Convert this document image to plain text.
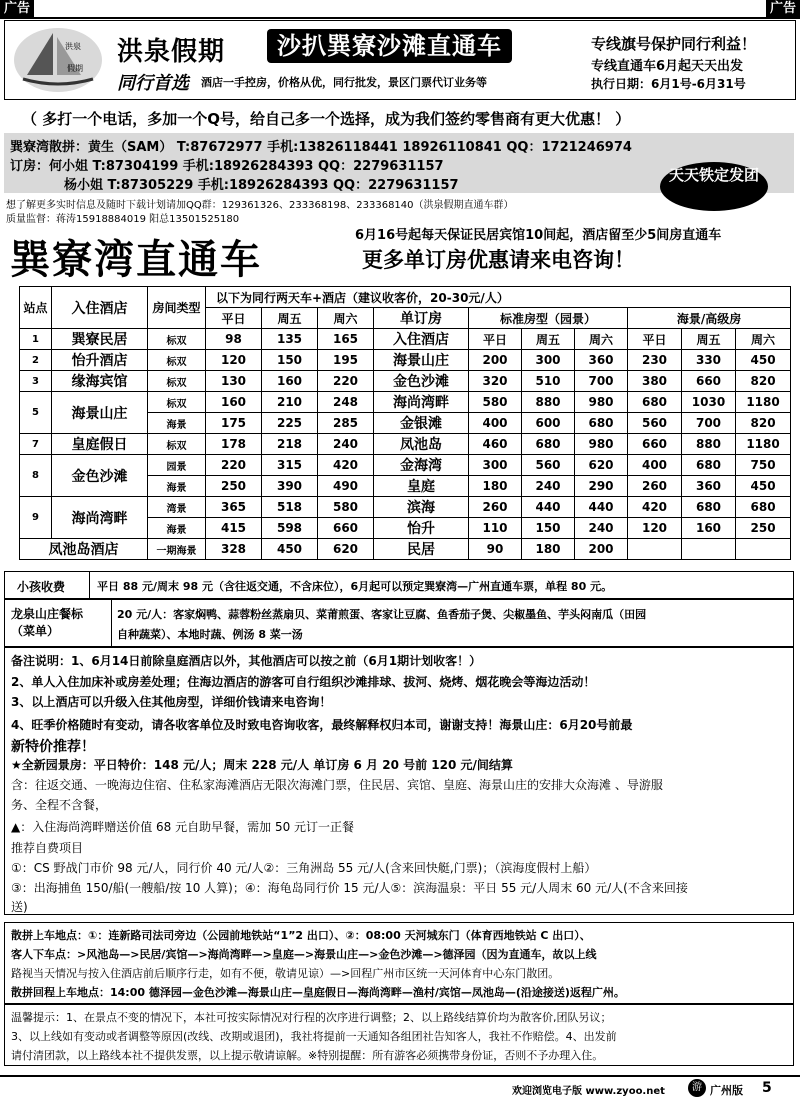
广告	广告
洪泉
假期
洪泉假期	沙扒巽寮沙滩直通车
同行首选 酒店一手控房，价格从优，同行批发，景区门票代订业务等
专线旗号保护同行利益！
专线直通车6月起天天出发
执行日期：6月1号-6月31号
（ 多打一个电话，多加一个Q号，给自己多一个选择，成为我们签约零售商有更大优惠！ ）
巽寮湾散拼：黄生（SAM） T:87672977 手机:13826118441 18926110841 QQ：1721246974
订房：何小姐 T:87304199 手机:18926284393 QQ：2279631157
杨小姐 T:87305229 手机:18926284393 QQ：2279631157
天天铁定发团
想了解更多实时信息及随时下载计划请加QQ群：129361326、233368198、233368140（洪泉假期直通车群）
质量监督：蒋涛15918884019 阳总13501525180
巽寮湾直通车
6月16号起每天保证民居宾馆10间起，酒店留至少5间房直通车
更多单订房优惠请来电咨询！
站点	入住酒店	房间类型	以下为同行两天车+酒店（建议收客价，20-30元/人）									
			平日	周五	周六	单订房	标准房型（园景）			海景/高级房		
1	巽寮民居	标双	98	135	165	入住酒店	平日	周五	周六	平日	周五	周六
2	怡升酒店	标双	120	150	195	海景山庄	200	300	360	230	330	450
3	缘海宾馆	标双	130	160	220	金色沙滩	320	510	700	380	660	820
5	海景山庄	标双	160	210	248	海尚湾畔	580	880	980	680	1030	1180
		海景	175	225	285	金银滩	400	600	680	560	700	820
7	皇庭假日	标双	178	218	240	凤池岛	460	680	980	660	880	1180
8	金色沙滩	园景	220	315	420	金海湾	300	560	620	400	680	750
		海景	250	390	490	皇庭	180	240	290	260	360	450
9	海尚湾畔	湾景	365	518	580	滨海	260	440	440	420	680	680
		海景	415	598	660	怡升	110	150	240	120	160	250
凤池岛酒店		一期海景	328	450	620	民居	90	180	200			
小孩收费	平日 88 元/周末 98 元（含往返交通，不含床位），6月起可以预定巽寮湾—广州直通车票，单程 80 元。
龙泉山庄餐标（菜单）
20 元/人：客家焖鸭、蒜蓉粉丝蒸扇贝、菜莆煎蛋、客家让豆腐、鱼香茄子煲、尖椒墨鱼、芋头闷南瓜（田园
自种蔬菜）、本地时蔬、例汤 8 菜一汤
备注说明：1、6月14日前除皇庭酒店以外，其他酒店可以按之前（6月1期计划收客！）
2、单人入住加床补或房差处理；住海边酒店的游客可自行组织沙滩排球、拔河、烧烤、烟花晚会等海边活动！
3、以上酒店可以升级入住其他房型，详细价钱请来电咨询！
4、旺季价格随时有变动，请各收客单位及时致电咨询收客，最终解释权归本司，谢谢支持！海景山庄：6月20号前最
新特价推荐！
★全新园景房：平日特价：148 元/人；周末 228 元/人 单订房 6 月 20 号前 120 元/间结算
含：往返交通、一晚海边住宿、住私家海滩酒店无限次海滩门票，住民居、宾馆、皇庭、海景山庄的安排大众海滩 、导游服
务、全程不含餐，
▲：入住海尚湾畔赠送价值 68 元自助早餐，需加 50 元订一正餐
推荐自费项目
①：CS 野战门市价 98 元/人，同行价 40 元/人②：三角洲岛 55 元/人(含来回快艇,门票)；（滨海度假村上船）
③：出海捕鱼 150/船(一艘船/按 10 人算)；④：海龟岛同行价 15 元/人⑤：滨海温泉：平日 55 元/人周末 60 元/人(不含来回接
送)
散拼上车地点：①：连新路司法司旁边（公园前地铁站“1”2 出口）、②：08:00 天河城东门（体育西地铁站 C 出口）、
客人下车点：>风池岛—>民居/宾馆—>海尚湾畔—>皇庭—>海景山庄—>金色沙滩—>德泽园（因为直通车，故以上线
路视当天情况与按入住酒店前后顺序行走，如有不便，敬请见谅）—>回程广州市区统一天河体育中心东门散团。
散拼回程上车地点：14:00 德泽园—金色沙滩—海景山庄—皇庭假日—海尚湾畔—渔村/宾馆—凤池岛—(沿途接送)返程广州。
温馨提示：1、在景点不变的情况下，本社可按实际情况对行程的次序进行调整；2、以上路线结算价均为散客价,团队另议；
3、以上线如有变动或者调整等原因(改线、改期或退团)，我社将提前一天通知各组团社告知客人，我社不作赔偿。4、出发前
请付清团款，以上路线本社不提供发票，以上提示敬请谅解。※特别提醒：所有游客必须携带身份证，否则不予办理入住。
欢迎浏览电子版 www.zyoo.net	游 广州版 5
